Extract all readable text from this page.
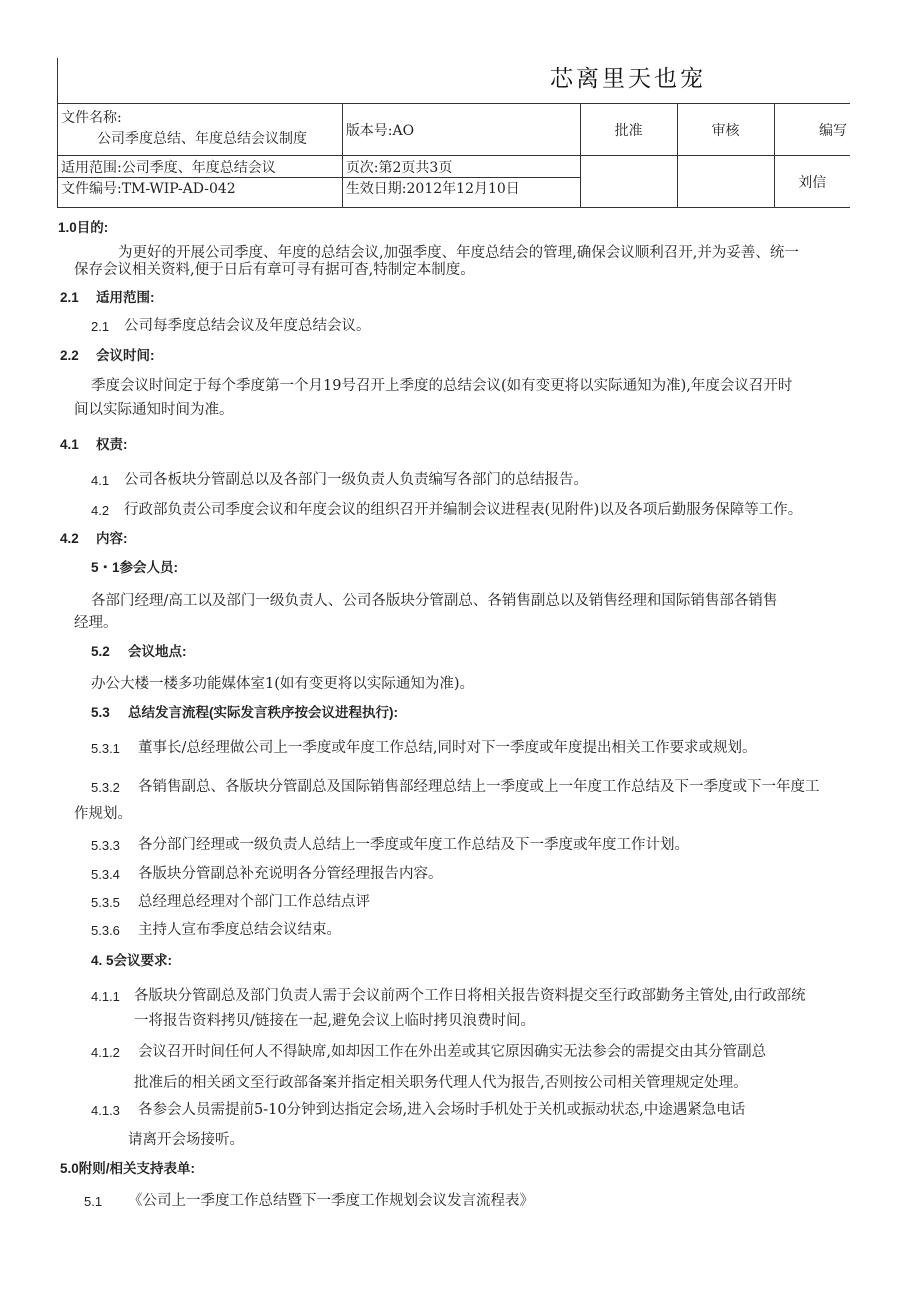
芯离里天也宠
文件名称:
公司季度总结、年度总结会议制度	版本号:AO	批准	审核	编写
适用范围:公司季度、年度总结会议	页次:第2页共3页			刘信
文件编号:TM-WIP-AD-042	生效日期:2012年12月10日			
1.0目的:
为更好的开展公司季度、年度的总结会议,加强季度、年度总结会的管理,确保会议顺利召开,并为妥善、统一
保存会议相关资料,便于日后有章可寻有据可杳,特制定本制度。
2.1 适用范围:
2.1 公司每季度总结会议及年度总结会议。
2.2 会议时间:
季度会议时间定于每个季度第一个月19号召开上季度的总结会议(如有变更将以实际通知为准),年度会议召开时
间以实际通知时间为准。
4.1 权责:
4.1 公司各板块分管副总以及各部门一级负责人负责编写各部门的总结报告。
4.2 行政部负责公司季度会议和年度会议的组织召开并编制会议进程表(见附件)以及各项后勤服务保障等工作。
4.2 内容:
5・1参会人员:
各部门经理/高工以及部门一级负责人、公司各版块分管副总、各销售副总以及销售经理和国际销售部各销售
经理。
5.2 会议地点:
办公大楼一楼多功能媒体室1(如有变更将以实际通知为准)。
5.3 总结发言流程(实际发言秩序按会议进程执行):
5.3.1 董事长/总经理做公司上一季度或年度工作总结,同时对下一季度或年度提出相关工作要求或规划。
5.3.2 各销售副总、各版块分管副总及国际销售部经理总结上一季度或上一年度工作总结及下一季度或下一年度工
作规划。
5.3.3 各分部门经理或一级负责人总结上一季度或年度工作总结及下一季度或年度工作计划。
5.3.4 各版块分管副总补充说明各分管经理报告内容。
5.3.5 总经理总经理对个部门工作总结点评
5.3.6 主持人宣布季度总结会议结束。
4. 5会议要求:
4.1.1 各版块分管副总及部门负责人需于会议前两个工作日将相关报告资料提交至行政部勤务主管处,由行政部统
一将报告资料拷贝/链接在一起,避免会议上临时拷贝浪费时间。
4.1.2 会议召开时间任何人不得缺席,如却因工作在外出差或其它原因确实无法参会的需提交由其分管副总
批准后的相关函文至行政部备案并指定相关职务代理人代为报告,否则按公司相关管理规定处理。
4.1.3 各参会人员需提前5-10分钟到达指定会场,进入会场时手机处于关机或振动状态,中途遇紧急电话
请离开会场接听。
5.0附则/相关支持表单:
5.1 《公司上一季度工作总结暨下一季度工作规划会议发言流程表》
